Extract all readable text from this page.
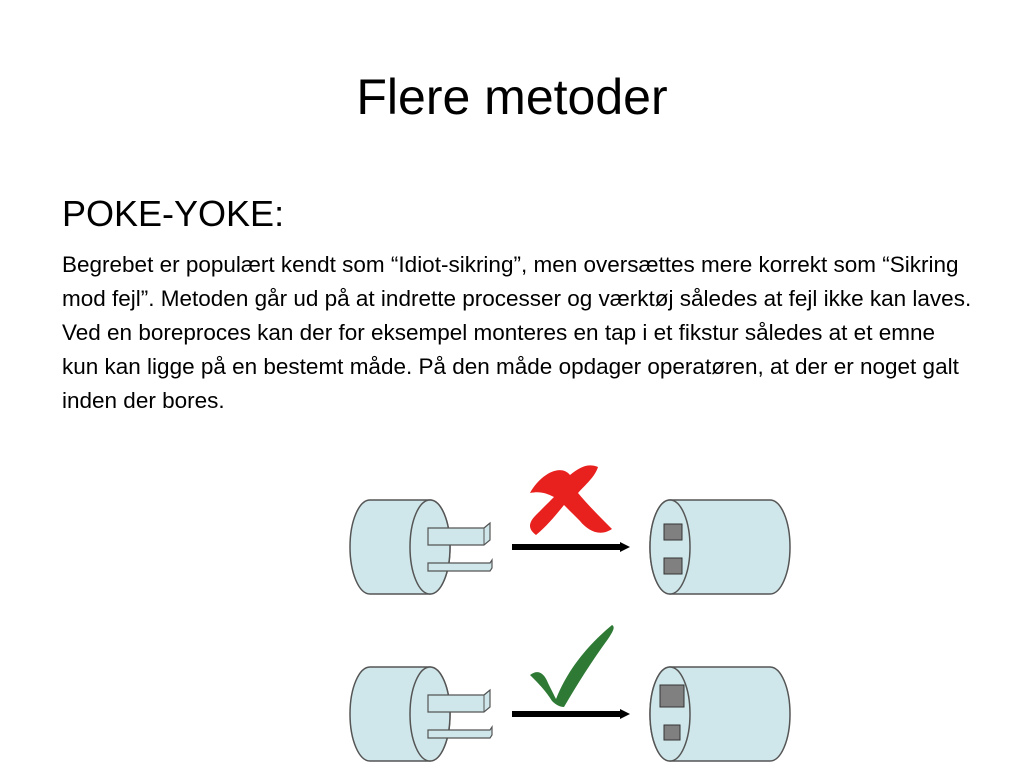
Flere metoder
POKE-YOKE:
Begrebet er populært kendt som “Idiot-sikring”, men oversættes mere korrekt som “Sikring mod fejl”. Metoden går ud på at indrette processer og værktøj således at fejl ikke kan laves. Ved en boreproces kan der for eksempel monteres en tap i et fikstur således at et emne kun kan ligge på en bestemt måde. På den måde opdager operatøren, at der er noget galt inden der bores.
